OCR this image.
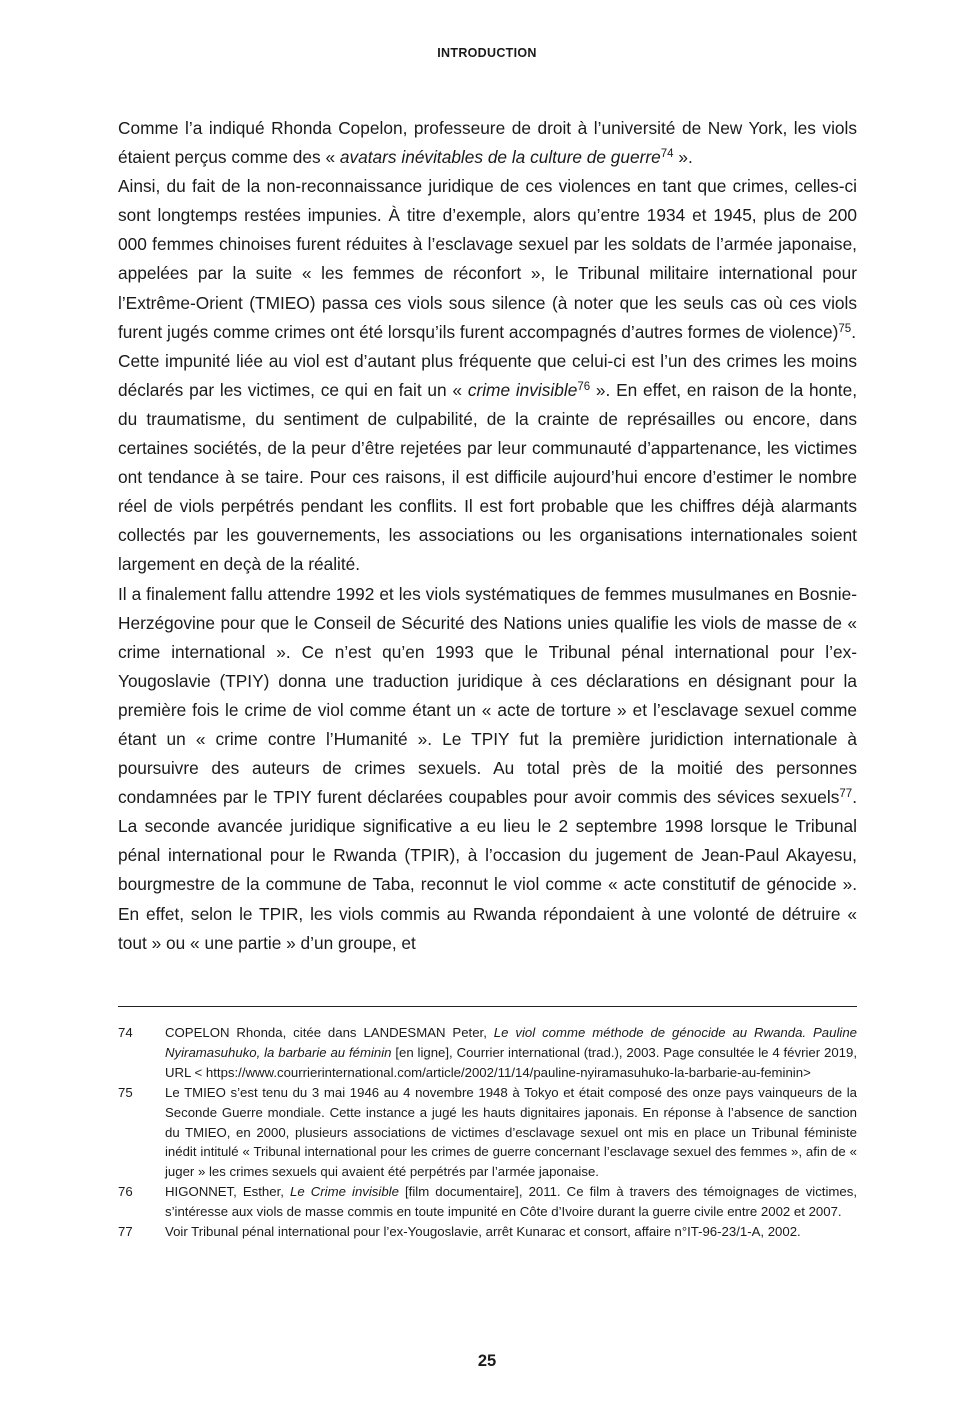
INTRODUCTION

Comme l’a indiqué Rhonda Copelon, professeure de droit à l’université de New York, les viols étaient perçus comme des « avatars inévitables de la culture de guerre$^{74}$ ».

Ainsi, du fait de la non-reconnaissance juridique de ces violences en tant que crimes, celles-ci sont longtemps restées impunies. À titre d’exemple, alors qu’entre 1934 et 1945, plus de 200 000 femmes chinoises furent réduites à l’esclavage sexuel par les soldats de l’armée japonaise, appelées par la suite « les femmes de réconfort », le Tribunal militaire international pour l’Extrême-Orient (TMIEO) passa ces viols sous silence (à noter que les seuls cas où ces viols furent jugés comme crimes ont été lorsqu’ils furent accompagnés d’autres formes de violence)$^{75}$.

Cette impunité liée au viol est d’autant plus fréquente que celui-ci est l’un des crimes les moins déclarés par les victimes, ce qui en fait un « crime invisible$^{76}$ ». En effet, en raison de la honte, du traumatisme, du sentiment de culpabilité, de la crainte de représailles ou encore, dans certaines sociétés, de la peur d’être rejetées par leur communauté d’appartenance, les victimes ont tendance à se taire. Pour ces raisons, il est difficile aujourd’hui encore d’estimer le nombre réel de viols perpétrés pendant les conflits. Il est fort probable que les chiffres déjà alarmants collectés par les gouvernements, les associations ou les organisations internationales soient largement en deçà de la réalité.

Il a finalement fallu attendre 1992 et les viols systématiques de femmes musulmanes en Bosnie-Herzégovine pour que le Conseil de Sécurité des Nations unies qualifie les viols de masse de « crime international ». Ce n’est qu’en 1993 que le Tribunal pénal international pour l’ex-Yougoslavie (TPIY) donna une traduction juridique à ces déclarations en désignant pour la première fois le crime de viol comme étant un « acte de torture » et l’esclavage sexuel comme étant un « crime contre l’Humanité ». Le TPIY fut la première juridiction internationale à poursuivre des auteurs de crimes sexuels. Au total près de la moitié des personnes condamnées par le TPIY furent déclarées coupables pour avoir commis des sévices sexuels$^{77}$. La seconde avancée juridique significative a eu lieu le 2 septembre 1998 lorsque le Tribunal pénal international pour le Rwanda (TPIR), à l’occasion du jugement de Jean-Paul Akayesu, bourgmestre de la commune de Taba, reconnut le viol comme « acte constitutif de génocide ». En effet, selon le TPIR, les viols commis au Rwanda répondaient à une volonté de détruire « tout » ou « une partie » d’un groupe, et

74	COPELON Rhonda, citée dans LANDESMAN Peter, Le viol comme méthode de génocide au Rwanda. Pauline Nyiramasuhuko, la barbarie au féminin [en ligne], Courrier international (trad.), 2003. Page consultée le 4 février 2019, URL < https://www.courrierinternational.com/article/2002/11/14/pauline-nyiramasuhuko-la-barbarie-au-feminin>
75	Le TMIEO s’est tenu du 3 mai 1946 au 4 novembre 1948 à Tokyo et était composé des onze pays vainqueurs de la Seconde Guerre mondiale. Cette instance a jugé les hauts dignitaires japonais. En réponse à l’absence de sanction du TMIEO, en 2000, plusieurs associations de victimes d’esclavage sexuel ont mis en place un Tribunal féministe inédit intitulé « Tribunal international pour les crimes de guerre concernant l’esclavage sexuel des femmes », afin de « juger » les crimes sexuels qui avaient été perpétrés par l’armée japonaise.
76	HIGONNET, Esther, Le Crime invisible [film documentaire], 2011. Ce film à travers des témoignages de victimes, s’intéresse aux viols de masse commis en toute impunité en Côte d’Ivoire durant la guerre civile entre 2002 et 2007.
77	Voir Tribunal pénal international pour l’ex-Yougoslavie, arrêt Kunarac et consort, affaire n°IT-96-23/1-A, 2002.
25
